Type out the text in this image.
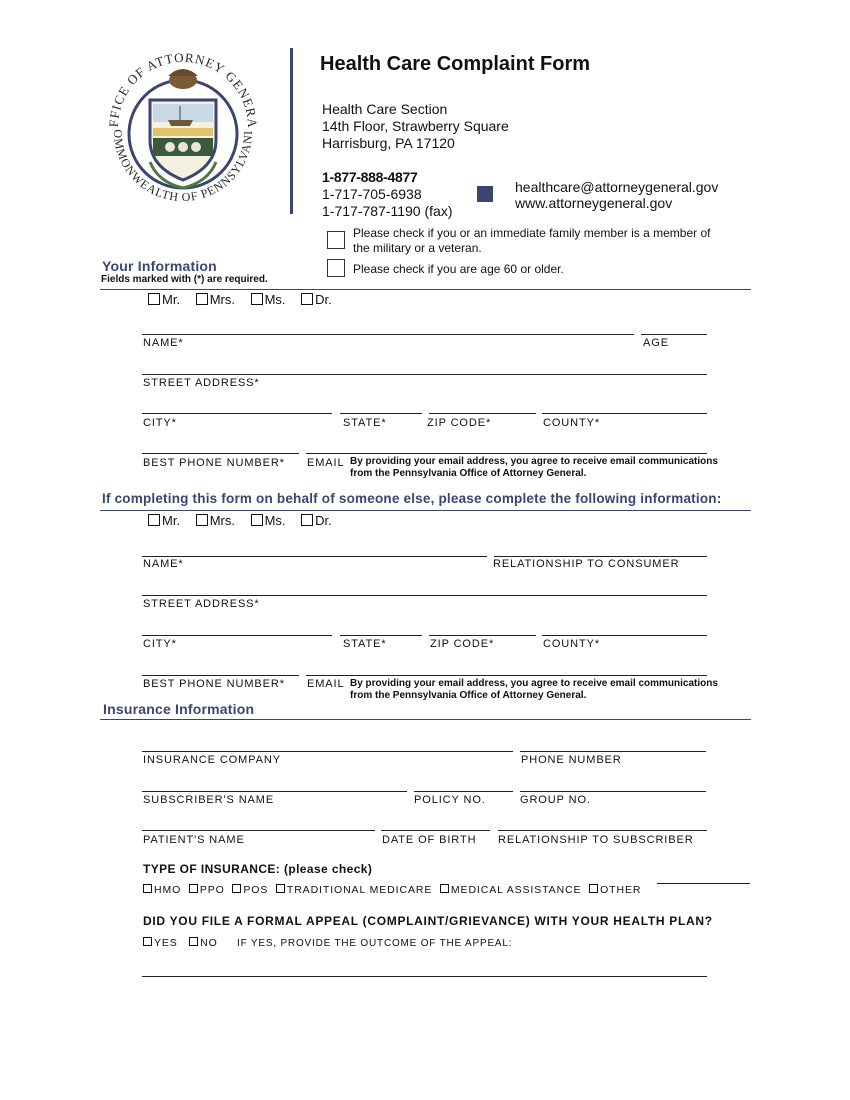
FFICE OF ATTORNEY GENERA
OMMONWEALTH OF PENNSYLVANI
Health Care Complaint Form
Health Care Section
14th Floor, Strawberry Square
Harrisburg, PA 17120
1-877-888-4877
1-717-705-6938
1-717-787-1190 (fax)
healthcare@attorneygeneral.gov
www.attorneygeneral.gov
Please check if you or an immediate family member is a member of the military or a veteran.
Please check if you are age 60 or older.
Your Information
Fields marked with (*) are required.
Mr. Mrs. Ms. Dr.
NAME*	AGE
STREET ADDRESS*
CITY*	STATE*	ZIP CODE*	COUNTY*
BEST PHONE NUMBER* EMAIL By providing your email address, you agree to receive email communications from the Pennsylvania Office of Attorney General.
If completing this form on behalf of someone else, please complete the following information:
Mr. Mrs. Ms. Dr.
NAME*	RELATIONSHIP TO CONSUMER
STREET ADDRESS*
CITY*	STATE*	ZIP CODE*	COUNTY*
BEST PHONE NUMBER* EMAIL By providing your email address, you agree to receive email communications from the Pennsylvania Office of Attorney General.
Insurance Information
INSURANCE COMPANY	PHONE NUMBER
SUBSCRIBER'S NAME	POLICY NO.	GROUP NO.
PATIENT'S NAME	DATE OF BIRTH RELATIONSHIP TO SUBSCRIBER
TYPE OF INSURANCE: (please check)
HMO PPO POS TRADITIONAL MEDICARE MEDICAL ASSISTANCE OTHER
DID YOU FILE A FORMAL APPEAL (COMPLAINT/GRIEVANCE) WITH YOUR HEALTH PLAN?
YES NO IF YES, PROVIDE THE OUTCOME OF THE APPEAL:
